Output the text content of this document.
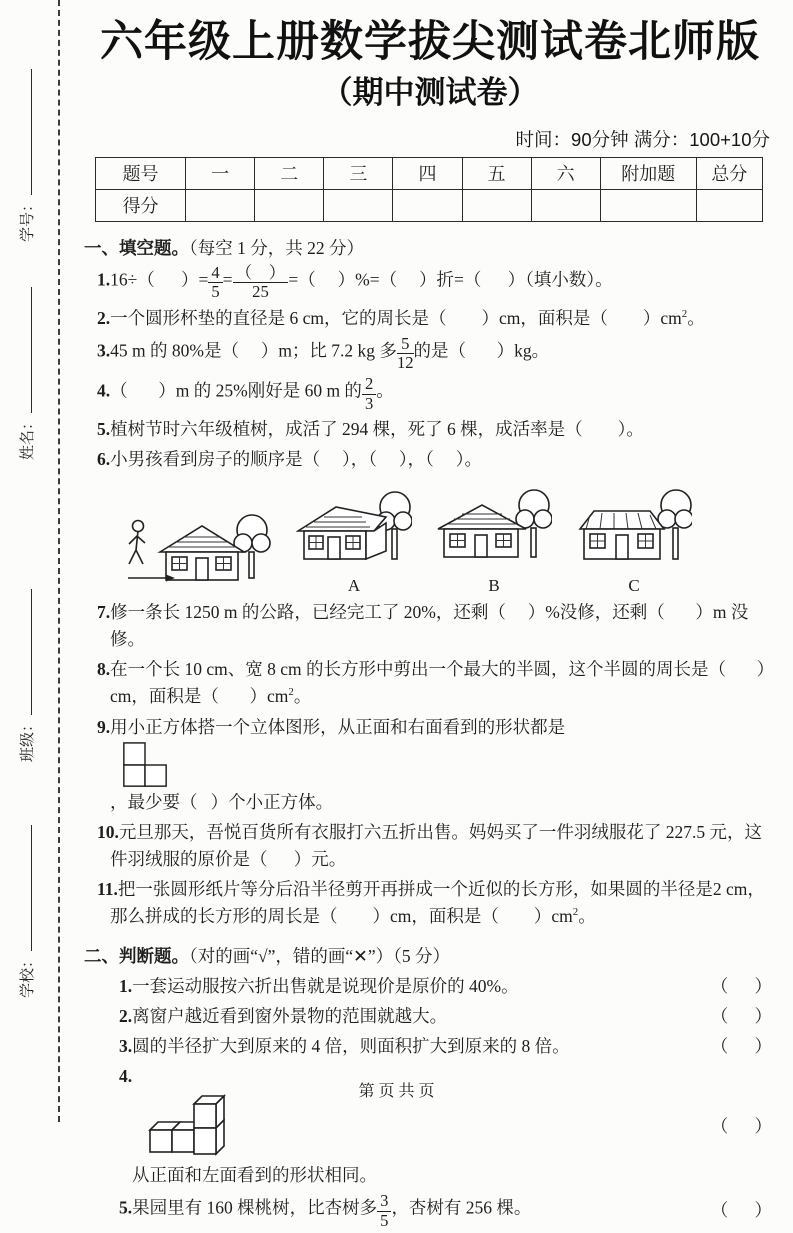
学号：
姓名：
班级：
学校：
六年级上册数学拔尖测试卷北师版
（期中测试卷）
时间：90分钟 满分：100+10分
题号	一	二	三	四	五	六	附加题	总分
得分								

一、填空题。（每空 1 分，共 22 分）

1.16÷（      ）= $\frac{4}{5} = \frac{( )}{25}$ =（     ）%=（     ）折=（      ）（填小数）。

2.一个圆形杯垫的直径是 6 cm，它的周长是（        ）cm，面积是（        ）$cm^2$。

3.45 m 的 80%是（     ）m；比 7.2 kg 多 $\frac{5}{12}$ 的是（       ）kg。

4.（       ）m 的 25%刚好是 60 m 的 $\frac{2}{3}$ 。

5.植树节时六年级植树，成活了 294 棵，死了 6 棵，成活率是（        ）。

6.小男孩看到房子的顺序是（     ），（     ），（     ）。

A	B	C

7.修一条长 1250 m 的公路，已经完工了 20%，还剩（     ）%没修，还剩（       ）m 没修。

8.在一个长 10 cm、宽 8 cm 的长方形中剪出一个最大的半圆，这个半圆的周长是（       ）cm，面积是（       ）$cm^2$。

9.用小正方体搭一个立体图形，从正面和右面看到的形状都是

，最少要（   ）个小正方体。

10.元旦那天，吾悦百货所有衣服打六五折出售。妈妈买了一件羽绒服花了 227.5 元，这件羽绒服的原价是（      ）元。

11.把一张圆形纸片等分后沿半径剪开再拼成一个近似的长方形，如果圆的半径是2 cm，那么拼成的长方形的周长是（        ）cm，面积是（        ）$cm^2$。

二、判断题。（对的画“√”，错的画“✕”）（5 分）

1.一套运动服按六折出售就是说现价是原价的 40%。	（      ）
2.离窗户越近看到窗外景物的范围就越大。	（      ）
3.圆的半径扩大到原来的 4 倍，则面积扩大到原来的 8 倍。	（      ）
4.

从正面和左面看到的形状相同。
（      ）
5.果园里有 160 棵桃树，比杏树多 $\frac{3}{5}$ ，杏树有 256 棵。	（      ）
第 页 共 页
